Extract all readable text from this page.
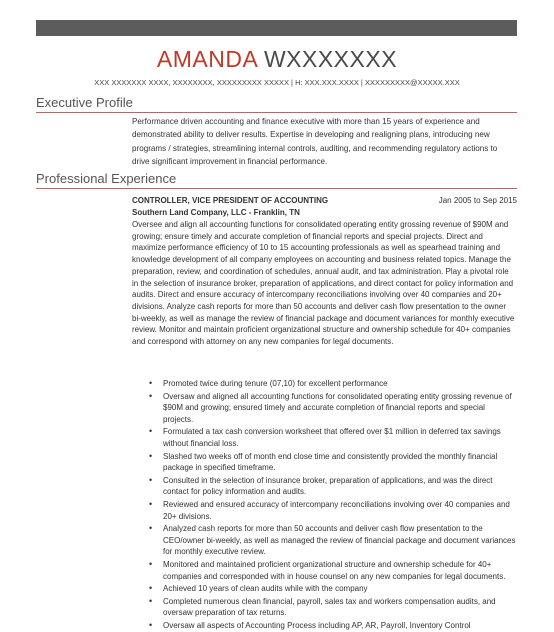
AMANDA WXXXXXXX
XXX XXXXXXX XXXX, XXXXXXXX, XXXXXXXXX XXXXX | H: XXX.XXX.XXXX | XXXXXXXXX@XXXXX.XXX
Executive Profile
Performance driven accounting and finance executive with more than 15 years of experience and demonstrated ability to deliver results. Expertise in developing and realigning plans, introducing new programs / strategies, streamlining internal controls, auditing, and recommending regulatory actions to drive significant improvement in financial performance.
Professional Experience
CONTROLLER, VICE PRESIDENT OF ACCOUNTING	Jan 2005 to Sep 2015
Southern Land Company, LLC - Franklin, TN
Oversee and align all accounting functions for consolidated operating entity grossing revenue of $90M and growing; ensure timely and accurate completion of financial reports and special projects. Direct and maximize performance efficiency of 10 to 15 accounting professionals as well as spearhead training and knowledge development of all company employees on accounting and business related topics. Manage the preparation, review, and coordination of schedules, annual audit, and tax administration. Play a pivotal role in the selection of insurance broker, preparation of applications, and direct contact for policy information and audits. Direct and ensure accuracy of intercompany reconciliations involving over 40 companies and 20+ divisions. Analyze cash reports for more than 50 accounts and deliver cash flow presentation to the owner bi-weekly, as well as manage the review of financial package and document variances for monthly executive review. Monitor and maintain proficient organizational structure and ownership schedule for 40+ companies and correspond with attorney on any new companies for legal documents.
• Promoted twice during tenure (07,10) for excellent performance
• Oversaw and aligned all accounting functions for consolidated operating entity grossing revenue of $90M and growing; ensured timely and accurate completion of financial reports and special projects.
• Formulated a tax cash conversion worksheet that offered over $1 million in deferred tax savings without financial loss.
• Slashed two weeks off of month end close time and consistently provided the monthly financial package in specified timeframe.
• Consulted in the selection of insurance broker, preparation of applications, and was the direct contact for policy information and audits.
• Reviewed and ensured accuracy of intercompany reconciliations involving over 40 companies and 20+ divisions.
• Analyzed cash reports for more than 50 accounts and deliver cash flow presentation to the CEO/owner bi-weekly, as well as managed the review of financial package and document variances for monthly executive review.
• Monitored and maintained proficient organizational structure and ownership schedule for 40+ companies and corresponded with in house counsel on any new companies for legal documents.
• Achieved 10 years of clean audits while with the company
• Completed numerous clean financial, payroll, sales tax and workers compensation audits, and oversaw preparation of tax returns.
• Oversaw all aspects of Accounting Process including AP, AR, Payroll, Inventory Control
